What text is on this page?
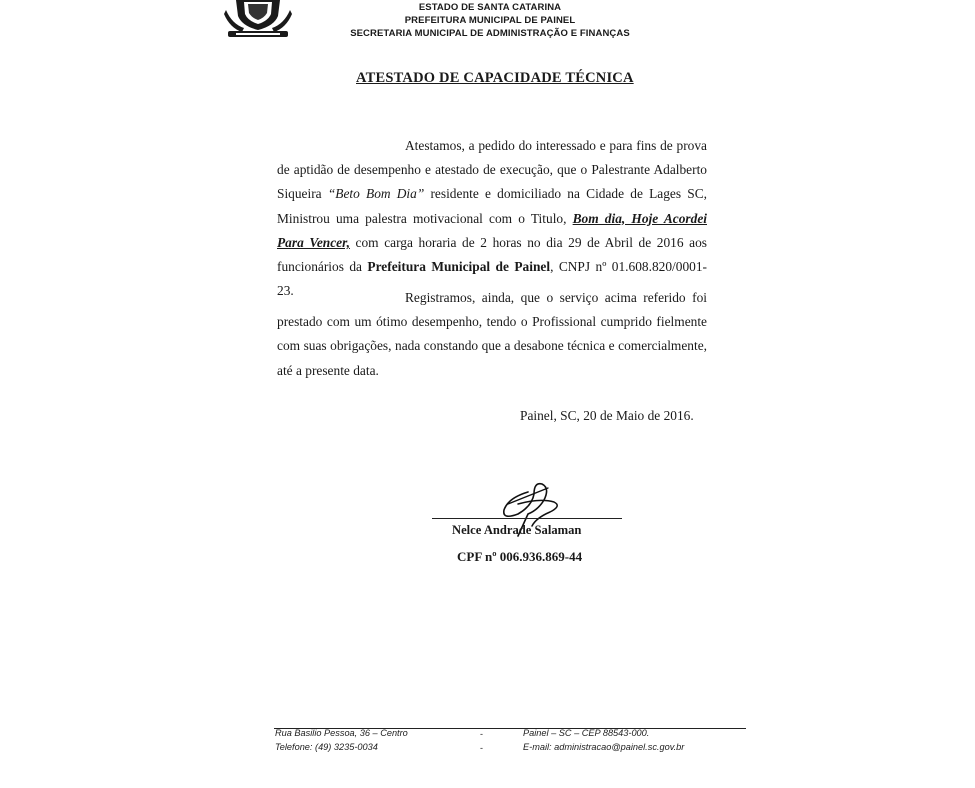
ESTADO DE SANTA CATARINA
PREFEITURA MUNICIPAL DE PAINEL
SECRETARIA MUNICIPAL DE ADMINISTRAÇÃO E FINANÇAS
ATESTADO DE CAPACIDADE TÉCNICA
Atestamos, a pedido do interessado e para fins de prova de aptidão de desempenho e atestado de execução, que o Palestrante Adalberto Siqueira “Beto Bom Dia” residente e domiciliado na Cidade de Lages SC, Ministrou uma palestra motivacional com o Titulo, Bom dia, Hoje Acordei Para Vencer, com carga horaria de 2 horas no dia 29 de Abril de 2016 aos funcionários da Prefeitura Municipal de Painel, CNPJ nº 01.608.820/0001-23.	Registramos, ainda, que o serviço acima referido foi prestado com um ótimo desempenho, tendo o Profissional cumprido fielmente com suas obrigações, nada constando que a desabone técnica e comercialmente, até a presente data.
Painel, SC, 20 de Maio de 2016.
Nelce Andrade Salaman
CPF nº 006.936.869-44
Rua Basilio Pessoa, 36 – Centro
Telefone: (49) 3235-0034
-
-
Painel – SC – CEP 88543-000.
E-mail: administracao@painel.sc.gov.br
